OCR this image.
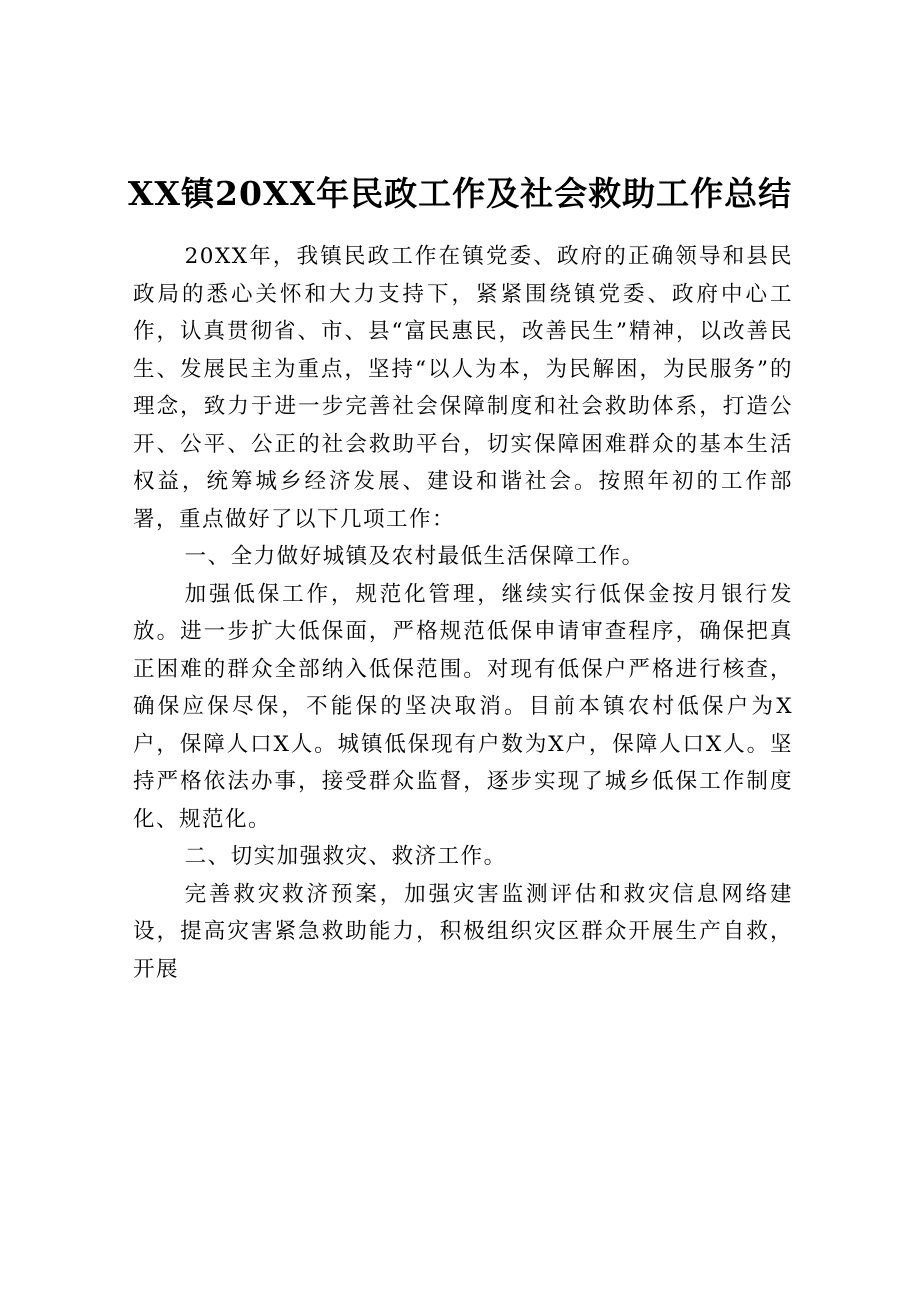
XX镇20XX年民政工作及社会救助工作总结

20XX年，我镇民政工作在镇党委、政府的正确领导和县民政局的悉心关怀和大力支持下，紧紧围绕镇党委、政府中心工作，认真贯彻省、市、县“富民惠民，改善民生”精神，以改善民生、发展民主为重点，坚持“以人为本，为民解困，为民服务”的理念，致力于进一步完善社会保障制度和社会救助体系，打造公开、公平、公正的社会救助平台，切实保障困难群众的基本生活权益，统筹城乡经济发展、建设和谐社会。按照年初的工作部署，重点做好了以下几项工作：

一、全力做好城镇及农村最低生活保障工作。

加强低保工作，规范化管理，继续实行低保金按月银行发放。进一步扩大低保面，严格规范低保申请审查程序，确保把真正困难的群众全部纳入低保范围。对现有低保户严格进行核查，确保应保尽保，不能保的坚决取消。目前本镇农村低保户为X户，保障人口X人。城镇低保现有户数为X户，保障人口X人。坚持严格依法办事，接受群众监督，逐步实现了城乡低保工作制度化、规范化。

二、切实加强救灾、救济工作。

完善救灾救济预案，加强灾害监测评估和救灾信息网络建设，提高灾害紧急救助能力，积极组织灾区群众开展生产自救，开展
